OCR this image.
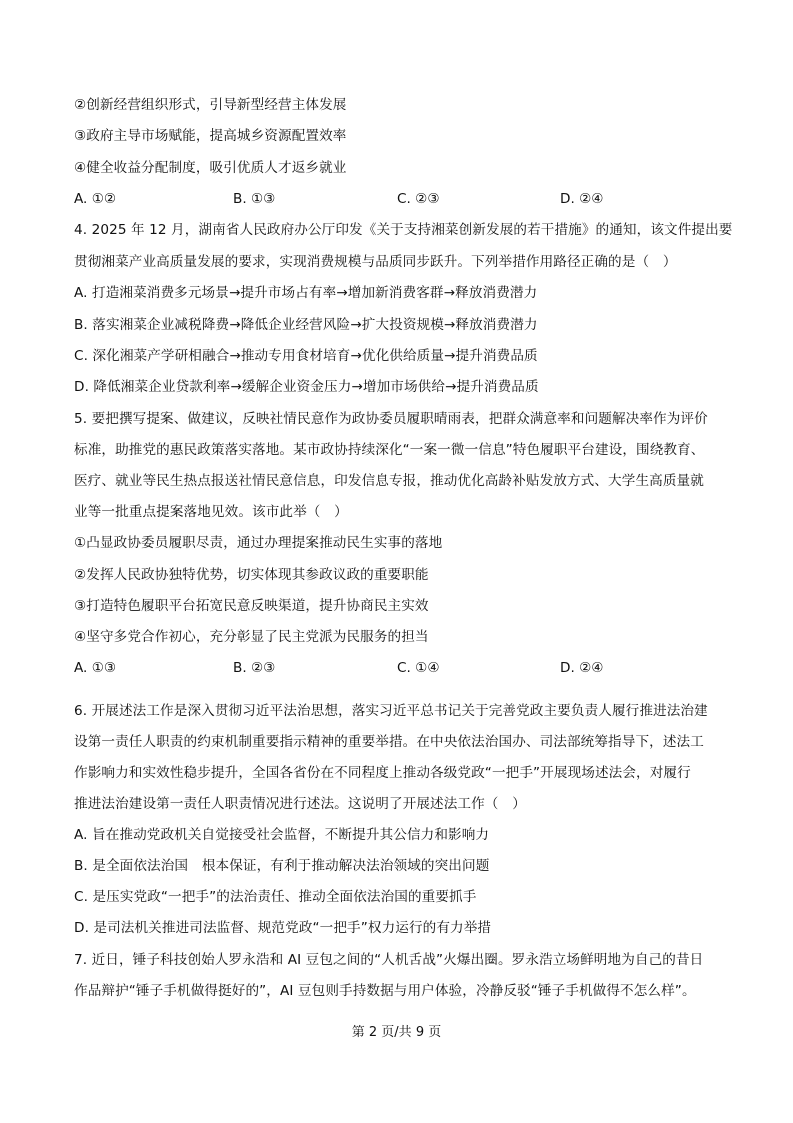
②创新经营组织形式，引导新型经营主体发展
③政府主导市场赋能，提高城乡资源配置效率
④健全收益分配制度，吸引优质人才返乡就业
A. ①②	B. ①③	C. ②③	D. ②④
4. 2025 年 12 月，湖南省人民政府办公厅印发《关于支持湘菜创新发展的若干措施》的通知，该文件提出要
贯彻湘菜产业高质量发展的要求，实现消费规模与品质同步跃升。下列举措作用路径正确的是（　）
A. 打造湘菜消费多元场景→提升市场占有率→增加新消费客群→释放消费潜力
B. 落实湘菜企业减税降费→降低企业经营风险→扩大投资规模→释放消费潜力
C. 深化湘菜产学研相融合→推动专用食材培育→优化供给质量→提升消费品质
D. 降低湘菜企业贷款利率→缓解企业资金压力→增加市场供给→提升消费品质
5. 要把撰写提案、做建议，反映社情民意作为政协委员履职晴雨表，把群众满意率和问题解决率作为评价
标准，助推党的惠民政策落实落地。某市政协持续深化“一案一微一信息”特色履职平台建设，围绕教育、
医疗、就业等民生热点报送社情民意信息，印发信息专报，推动优化高龄补贴发放方式、大学生高质量就
业等一批重点提案落地见效。该市此举（　）
①凸显政协委员履职尽责，通过办理提案推动民生实事的落地
②发挥人民政协独特优势，切实体现其参政议政的重要职能
③打造特色履职平台拓宽民意反映渠道，提升协商民主实效
④坚守多党合作初心，充分彰显了民主党派为民服务的担当
A. ①③	B. ②③	C. ①④	D. ②④
6. 开展述法工作是深入贯彻习近平法治思想，落实习近平总书记关于完善党政主要负责人履行推进法治建
设第一责任人职责的约束机制重要指示精神的重要举措。在中央依法治国办、司法部统筹指导下，述法工
作影响力和实效性稳步提升，全国各省份在不同程度上推动各级党政“一把手”开展现场述法会，对履行
推进法治建设第一责任人职责情况进行述法。这说明了开展述法工作（　）
A. 旨在推动党政机关自觉接受社会监督，不断提升其公信力和影响力
B. 是全面依法治国　根本保证，有利于推动解决法治领域的突出问题
C. 是压实党政“一把手”的法治责任、推动全面依法治国的重要抓手
D. 是司法机关推进司法监督、规范党政“一把手”权力运行的有力举措
7. 近日，锤子科技创始人罗永浩和 AI 豆包之间的“人机舌战”火爆出圈。罗永浩立场鲜明地为自己的昔日
作品辩护“锤子手机做得挺好的”，AI 豆包则手持数据与用户体验，冷静反驳“锤子手机做得不怎么样”。
第 2 页/共 9 页
